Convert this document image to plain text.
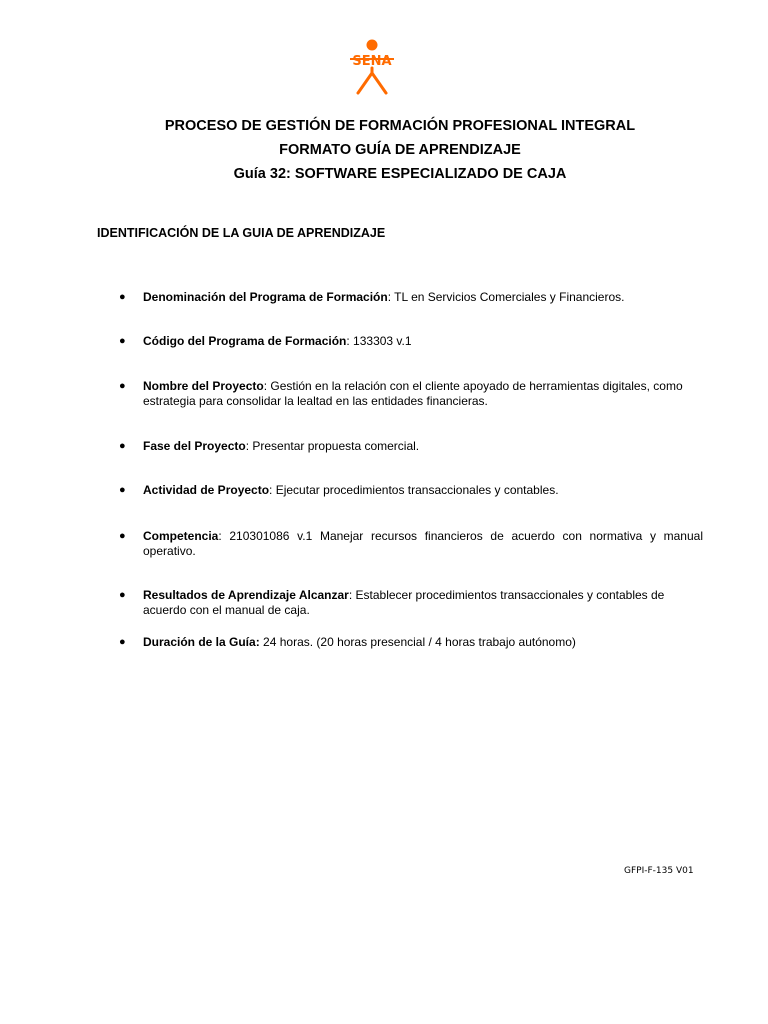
SENA
PROCESO DE GESTIÓN DE FORMACIÓN PROFESIONAL INTEGRAL
FORMATO GUÍA DE APRENDIZAJE
Guía 32: SOFTWARE ESPECIALIZADO DE CAJA
IDENTIFICACIÓN DE LA GUIA DE APRENDIZAJE
● Denominación del Programa de Formación: TL en Servicios Comerciales y Financieros.
● Código del Programa de Formación: 133303 v.1
● Nombre del Proyecto: Gestión en la relación con el cliente apoyado de herramientas digitales, como estrategia para consolidar la lealtad en las entidades financieras.
● Fase del Proyecto: Presentar propuesta comercial.
● Actividad de Proyecto: Ejecutar procedimientos transaccionales y contables.
● Competencia: 210301086 v.1 Manejar recursos financieros de acuerdo con normativa y manual operativo.
● Resultados de Aprendizaje Alcanzar: Establecer procedimientos transaccionales y contables de acuerdo con el manual de caja.
● Duración de la Guía: 24 horas. (20 horas presencial / 4 horas trabajo autónomo)
GFPI-F-135 V01
